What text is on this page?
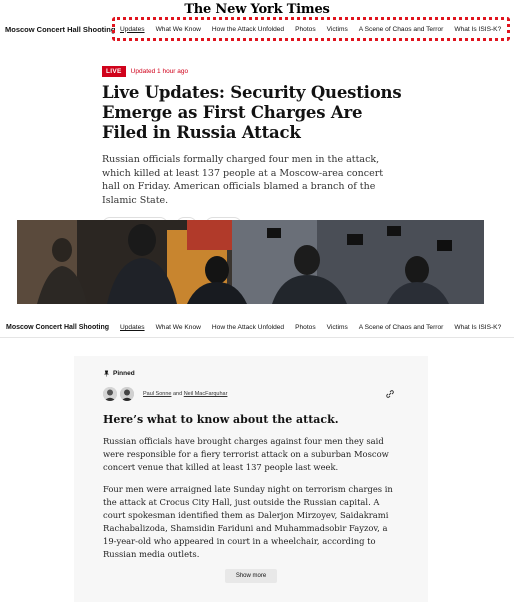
The New York Times
Moscow Concert Hall Shooting Updates What We Know How the Attack Unfolded Photos Victims A Scene of Chaos and Terror What Is ISIS-K?
LIVE	Updated 1 hour ago
Live Updates: Security Questions Emerge as First Charges Are Filed in Russia Attack

Russian officials formally charged four men in the attack, which killed at least 137 people at a Moscow-area concert hall on Friday. American officials blamed a branch of the Islamic State.

Moscow Concert Hall Shooting	Updates What We Know How the Attack Unfolded Photos Victims A Scene of Chaos and Terror What Is ISIS-K?
Pinned
Paul Sonne and Neil MacFarquhar
Here’s what to know about the attack.

Russian officials have brought charges against four men they said were responsible for a fiery terrorist attack on a suburban Moscow concert venue that killed at least 137 people last week.

Four men were arraigned late Sunday night on terrorism charges in the attack at Crocus City Hall, just outside the Russian capital. A court spokesman identified them as Dalerjon Mirzoyev, Saidakrami Rachabalizoda, Shamsidin Fariduni and Muhammadsobir Fayzov, a 19-year-old who appeared in court in a wheelchair, according to Russian media outlets.

Show more
